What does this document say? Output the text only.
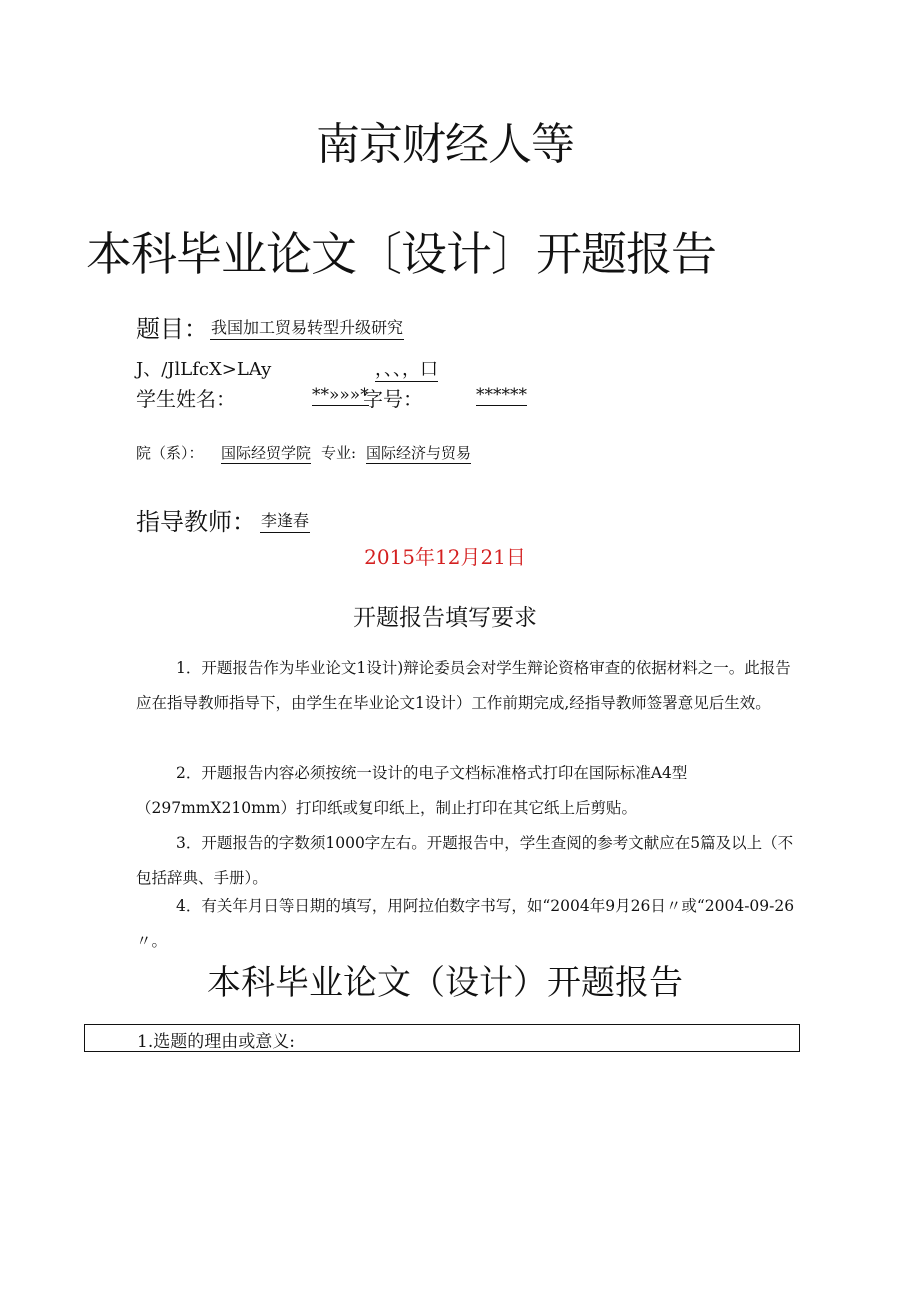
南京财经人等
本科毕业论文〔设计〕开题报告
题目： 我国加工贸易转型升级研究
J、/JlLfcX>LAy	，、、，口
学生姓名：	**»»»*
字号：	******
院（系）： 国际经贸学院 专业: 国际经济与贸易
指导教师： 李逢春
2015年12月21日
开题报告填写要求

1．开题报告作为毕业论文1设计)辩论委员会对学生辩论资格审查的依据材料之一。此报告应在指导教师指导下，由学生在毕业论文1设计）工作前期完成,经指导教师签署意见后生效。

2．开题报告内容必须按统一设计的电子文档标准格式打印在国际标准A4型（297mmX210mm）打印纸或复印纸上，制止打印在其它纸上后剪贴。

3．开题报告的字数须1000字左右。开题报告中，学生查阅的参考文献应在5篇及以上（不包括辞典、手册）。

4．有关年月日等日期的填写，用阿拉伯数字书写，如“2004年9月26日〃或“2004-09-26〃。

本科毕业论文（设计）开题报告
1.选题的理由或意义:
